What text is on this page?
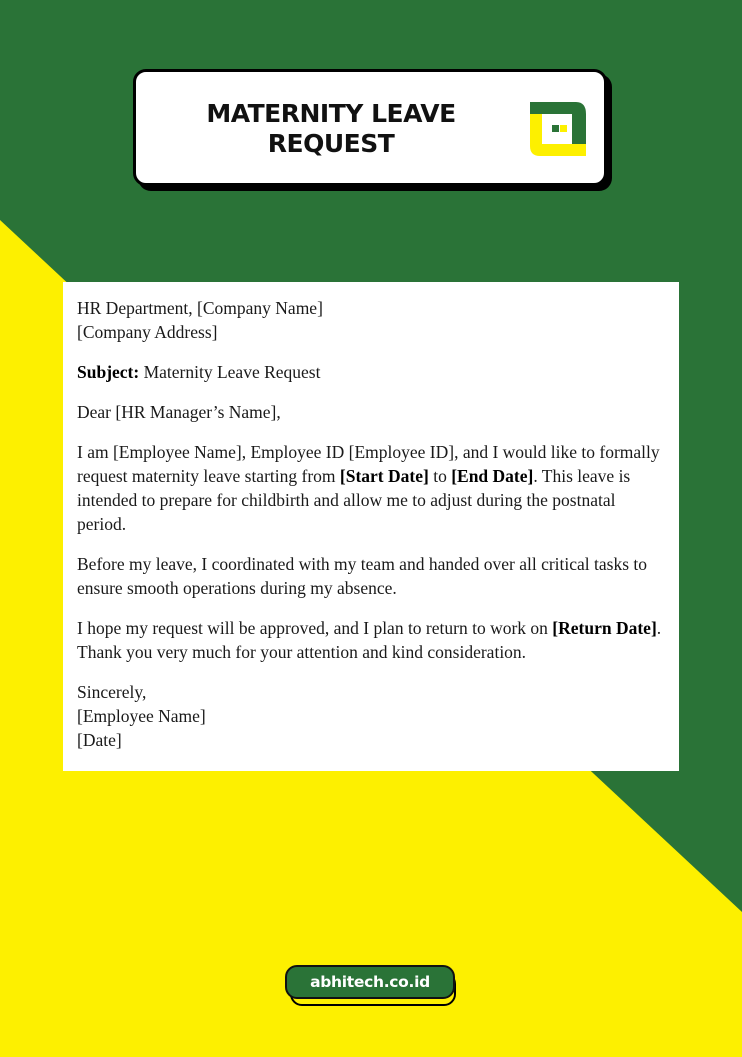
MATERNITY LEAVE
REQUEST

HR Department, [Company Name]
[Company Address]

Subject: Maternity Leave Request

Dear [HR Manager’s Name],

I am [Employee Name], Employee ID [Employee ID], and I would like to formally request maternity leave starting from [Start Date] to [End Date]. This leave is intended to prepare for childbirth and allow me to adjust during the postnatal period.

Before my leave, I coordinated with my team and handed over all critical tasks to ensure smooth operations during my absence.

I hope my request will be approved, and I plan to return to work on [Return Date]. Thank you very much for your attention and kind consideration.

Sincerely,
[Employee Name]
[Date]

abhitech.co.id
